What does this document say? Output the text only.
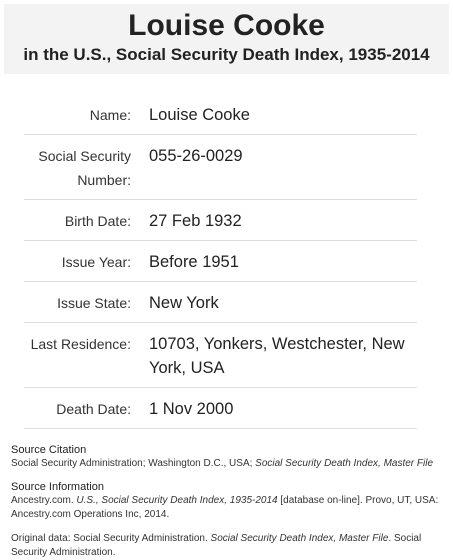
Louise Cooke
in the U.S., Social Security Death Index, 1935-2014
Name:	Louise Cooke
Social Security Number:	055-26-0029
Birth Date:	27 Feb 1932
Issue Year:	Before 1951
Issue State:	New York
Last Residence:	10703, Yonkers, Westchester, New York, USA
Death Date:	1 Nov 2000
Source Citation
Social Security Administration; Washington D.C., USA; Social Security Death Index, Master File
Source Information
Ancestry.com. U.S., Social Security Death Index, 1935-2014 [database on-line]. Provo, UT, USA: Ancestry.com Operations Inc, 2014.
Original data: Social Security Administration. Social Security Death Index, Master File. Social Security Administration.
